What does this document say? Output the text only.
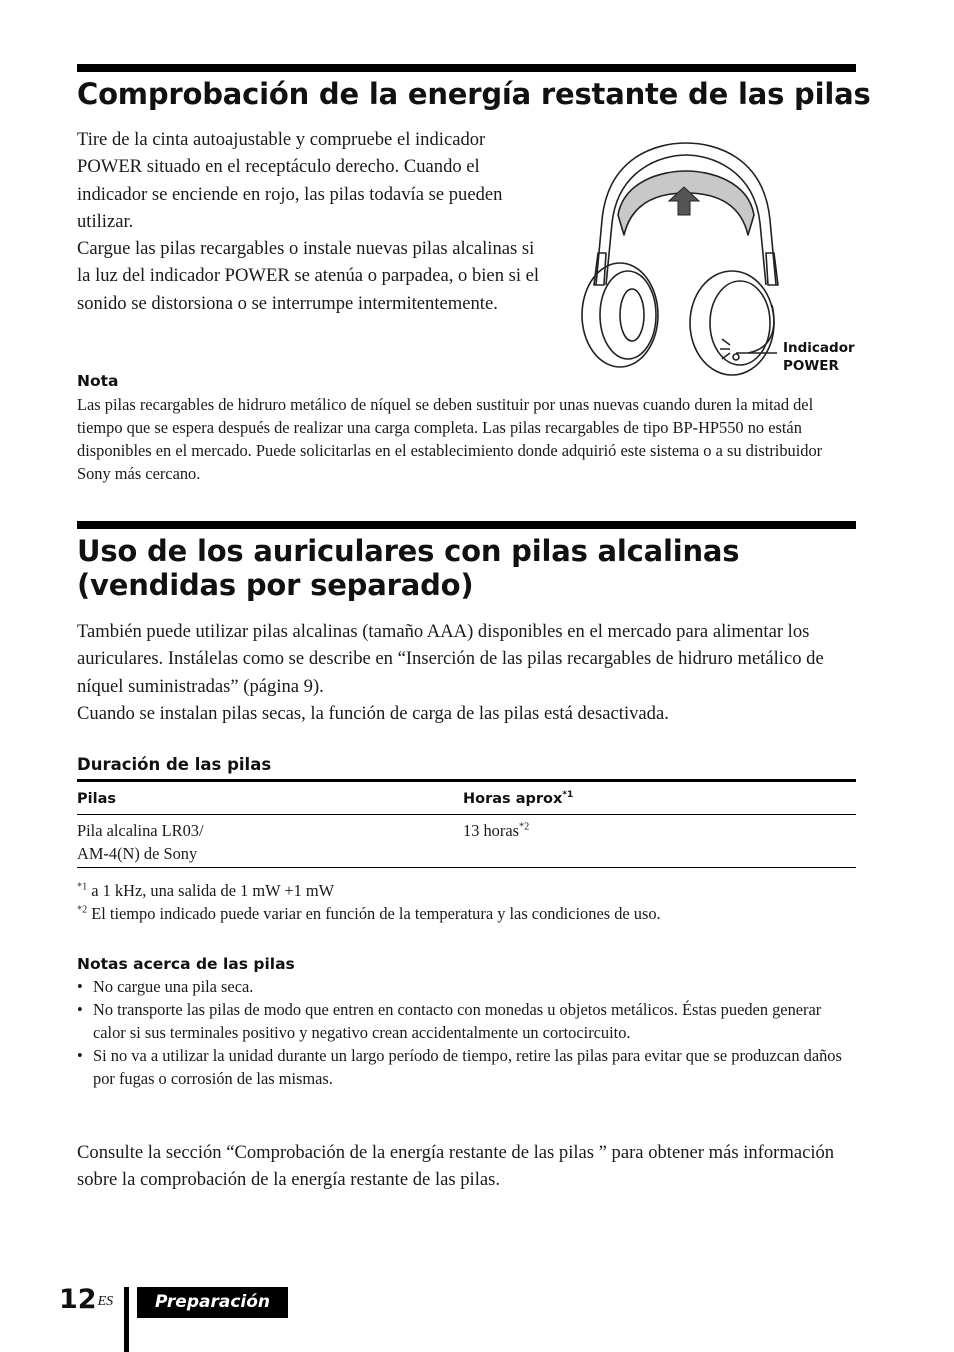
Comprobación de la energía restante de las pilas

Tire de la cinta autoajustable y compruebe el indicador POWER situado en el receptáculo derecho. Cuando el indicador se enciende en rojo, las pilas todavía se pueden utilizar.

Cargue las pilas recargables o instale nuevas pilas alcalinas si la luz del indicador POWER se atenúa o parpadea, o bien si el sonido se distorsiona o se interrumpe intermitentemente.

Indicador
POWER
Nota

Las pilas recargables de hidruro metálico de níquel se deben sustituir por unas nuevas cuando duren la mitad del tiempo que se espera después de realizar una carga completa. Las pilas recargables de tipo BP-HP550 no están disponibles en el mercado. Puede solicitarlas en el establecimiento donde adquirió este sistema o a su distribuidor Sony más cercano.

Uso de los auriculares con pilas alcalinas
(vendidas por separado)

También puede utilizar pilas alcalinas (tamaño AAA) disponibles en el mercado para alimentar los auriculares. Instálelas como se describe en “Inserción de las pilas recargables de hidruro metálico de níquel suministradas” (página 9).

Cuando se instalan pilas secas, la función de carga de las pilas está desactivada.

Duración de las pilas
Pilas	Horas aprox$^{*1}$
Pila alcalina LR03/
AM-4(N) de Sony
13 horas$^{*2}$
$^{*1}$ a 1 kHz, una salida de 1 mW +1 mW
$^{*2}$ El tiempo indicado puede variar en función de la temperatura y las condiciones de uso.
Notas acerca de las pilas
• No cargue una pila seca.
• No transporte las pilas de modo que entren en contacto con monedas u objetos metálicos. Éstas pueden generar calor si sus terminales positivo y negativo crean accidentalmente un cortocircuito.
• Si no va a utilizar la unidad durante un largo período de tiempo, retire las pilas para evitar que se produzcan daños por fugas o corrosión de las mismas.

Consulte la sección “Comprobación de la energía restante de las pilas ” para obtener más información sobre la comprobación de la energía restante de las pilas.

$12^{ES}$	Preparación
